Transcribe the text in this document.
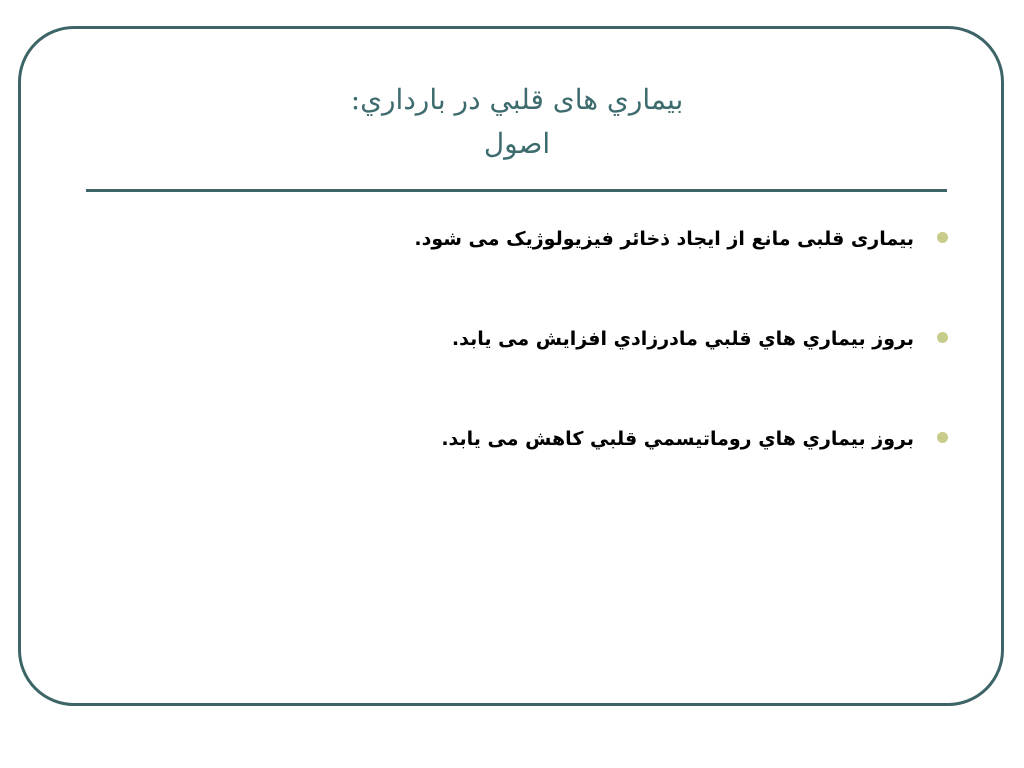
بيماري های قلبي در بارداري:
اصول
بیماری قلبی مانع از ایجاد ذخائر فیزیولوژیک می شود.
بروز بیماري هاي قلبي مادرزادي افزایش می یابد.
بروز بیماري هاي روماتیسمي قلبي كاهش می یابد.
